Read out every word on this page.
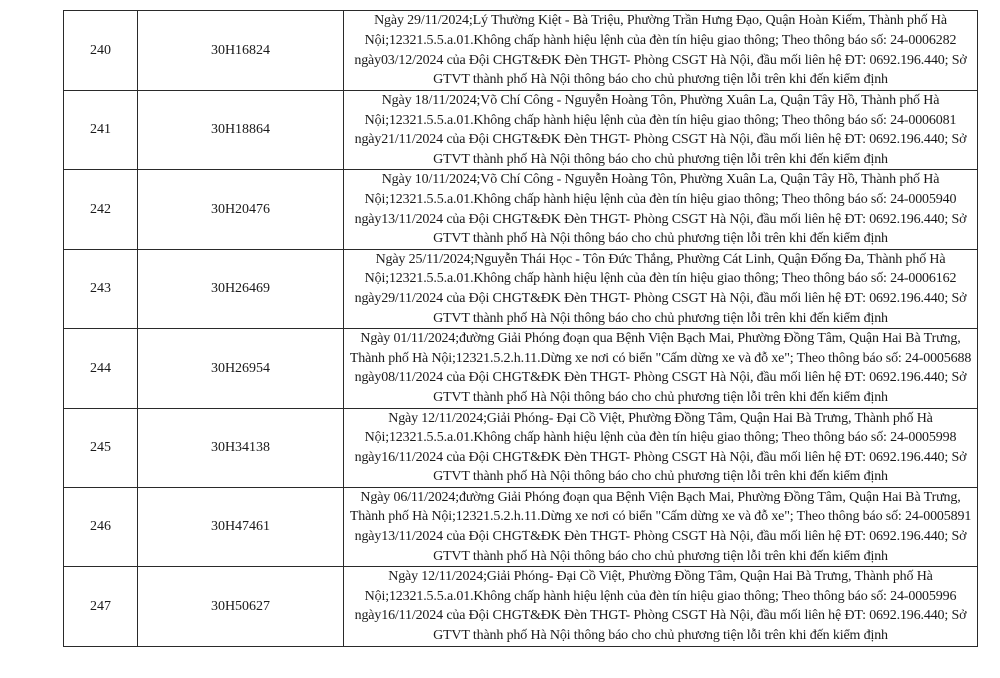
240	30H16824	Ngày 29/11/2024;Lý Thường Kiệt - Bà Triệu, Phường Trần Hưng Đạo, Quận Hoàn Kiếm, Thành phố Hà Nội;12321.5.5.a.01.Không chấp hành hiệu lệnh của đèn tín hiệu giao thông; Theo thông báo số: 24-0006282 ngày03/12/2024 của Đội CHGT&ĐK Đèn THGT- Phòng CSGT Hà Nội, đầu mối liên hệ ĐT: 0692.196.440; Sở GTVT thành phố Hà Nội thông báo cho chủ phương tiện lỗi trên khi đến kiểm định
241	30H18864	Ngày 18/11/2024;Võ Chí Công - Nguyễn Hoàng Tôn, Phường Xuân La, Quận Tây Hồ, Thành phố Hà Nội;12321.5.5.a.01.Không chấp hành hiệu lệnh của đèn tín hiệu giao thông; Theo thông báo số: 24-0006081 ngày21/11/2024 của Đội CHGT&ĐK Đèn THGT- Phòng CSGT Hà Nội, đầu mối liên hệ ĐT: 0692.196.440; Sở GTVT thành phố Hà Nội thông báo cho chủ phương tiện lỗi trên khi đến kiểm định
242	30H20476	Ngày 10/11/2024;Võ Chí Công - Nguyễn Hoàng Tôn, Phường Xuân La, Quận Tây Hồ, Thành phố Hà Nội;12321.5.5.a.01.Không chấp hành hiệu lệnh của đèn tín hiệu giao thông; Theo thông báo số: 24-0005940 ngày13/11/2024 của Đội CHGT&ĐK Đèn THGT- Phòng CSGT Hà Nội, đầu mối liên hệ ĐT: 0692.196.440; Sở GTVT thành phố Hà Nội thông báo cho chủ phương tiện lỗi trên khi đến kiểm định
243	30H26469	Ngày 25/11/2024;Nguyễn Thái Học - Tôn Đức Thắng, Phường Cát Linh, Quận Đống Đa, Thành phố Hà Nội;12321.5.5.a.01.Không chấp hành hiệu lệnh của đèn tín hiệu giao thông; Theo thông báo số: 24-0006162 ngày29/11/2024 của Đội CHGT&ĐK Đèn THGT- Phòng CSGT Hà Nội, đầu mối liên hệ ĐT: 0692.196.440; Sở GTVT thành phố Hà Nội thông báo cho chủ phương tiện lỗi trên khi đến kiểm định
244	30H26954	Ngày 01/11/2024;đường Giải Phóng đoạn qua Bệnh Viện Bạch Mai, Phường Đồng Tâm, Quận Hai Bà Trưng, Thành phố Hà Nội;12321.5.2.h.11.Dừng xe nơi có biển "Cấm dừng xe và đỗ xe"; Theo thông báo số: 24-0005688 ngày08/11/2024 của Đội CHGT&ĐK Đèn THGT- Phòng CSGT Hà Nội, đầu mối liên hệ ĐT: 0692.196.440; Sở GTVT thành phố Hà Nội thông báo cho chủ phương tiện lỗi trên khi đến kiểm định
245	30H34138	Ngày 12/11/2024;Giải Phóng- Đại Cồ Việt, Phường Đồng Tâm, Quận Hai Bà Trưng, Thành phố Hà Nội;12321.5.5.a.01.Không chấp hành hiệu lệnh của đèn tín hiệu giao thông; Theo thông báo số: 24-0005998 ngày16/11/2024 của Đội CHGT&ĐK Đèn THGT- Phòng CSGT Hà Nội, đầu mối liên hệ ĐT: 0692.196.440; Sở GTVT thành phố Hà Nội thông báo cho chủ phương tiện lỗi trên khi đến kiểm định
246	30H47461	Ngày 06/11/2024;đường Giải Phóng đoạn qua Bệnh Viện Bạch Mai, Phường Đồng Tâm, Quận Hai Bà Trưng, Thành phố Hà Nội;12321.5.2.h.11.Dừng xe nơi có biển "Cấm dừng xe và đỗ xe"; Theo thông báo số: 24-0005891 ngày13/11/2024 của Đội CHGT&ĐK Đèn THGT- Phòng CSGT Hà Nội, đầu mối liên hệ ĐT: 0692.196.440; Sở GTVT thành phố Hà Nội thông báo cho chủ phương tiện lỗi trên khi đến kiểm định
247	30H50627	Ngày 12/11/2024;Giải Phóng- Đại Cồ Việt, Phường Đồng Tâm, Quận Hai Bà Trưng, Thành phố Hà Nội;12321.5.5.a.01.Không chấp hành hiệu lệnh của đèn tín hiệu giao thông; Theo thông báo số: 24-0005996 ngày16/11/2024 của Đội CHGT&ĐK Đèn THGT- Phòng CSGT Hà Nội, đầu mối liên hệ ĐT: 0692.196.440; Sở GTVT thành phố Hà Nội thông báo cho chủ phương tiện lỗi trên khi đến kiểm định
